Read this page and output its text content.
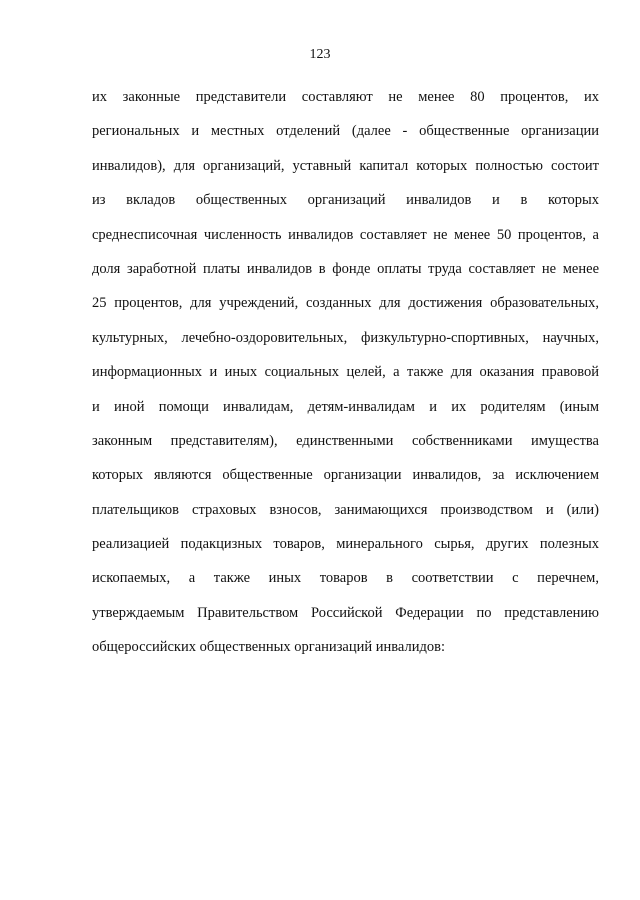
123
их законные представители составляют не менее 80 процентов, их
региональных и местных отделений (далее - общественные организации
инвалидов), для организаций, уставный капитал которых полностью состоит
из вкладов общественных организаций инвалидов и в которых
среднесписочная численность инвалидов составляет не менее 50 процентов, а
доля заработной платы инвалидов в фонде оплаты труда составляет не менее
25 процентов, для учреждений, созданных для достижения образовательных,
культурных, лечебно-оздоровительных, физкультурно-спортивных, научных,
информационных и иных социальных целей, а также для оказания правовой
и иной помощи инвалидам, детям-инвалидам и их родителям (иным
законным представителям), единственными собственниками имущества
которых являются общественные организации инвалидов, за исключением
плательщиков страховых взносов, занимающихся производством и (или)
реализацией подакцизных товаров, минерального сырья, других полезных
ископаемых, а также иных товаров в соответствии с перечнем,
утверждаемым Правительством Российской Федерации по представлению
общероссийских общественных организаций инвалидов:
